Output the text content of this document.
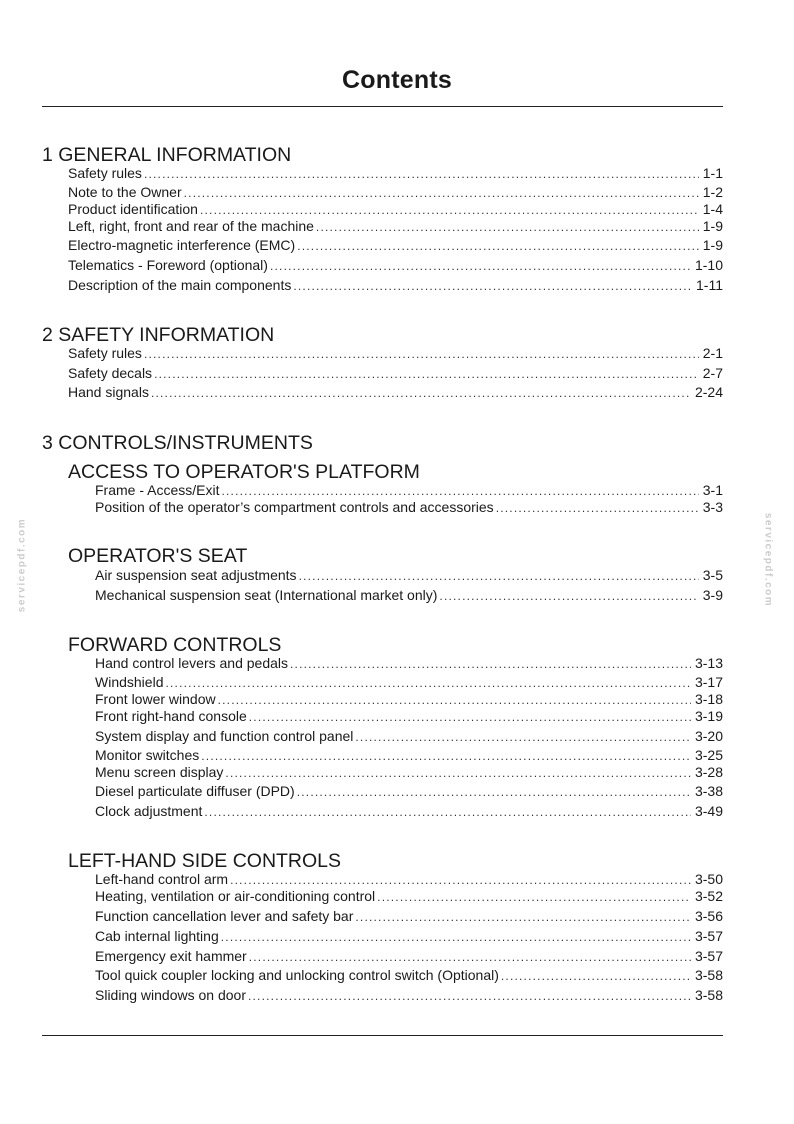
Contents
1 GENERAL INFORMATION
Safety rules .....	1-1
Note to the Owner .....	1-2
Product identification .....	1-4
Left, right, front and rear of the machine .....	1-9
Electro-magnetic interference (EMC) .....	1-9
Telematics - Foreword (optional) .....	1-10
Description of the main components .....	1-11
2 SAFETY INFORMATION
Safety rules .....	2-1
Safety decals .....	2-7
Hand signals .....	2-24
3 CONTROLS/INSTRUMENTS
ACCESS TO OPERATOR'S PLATFORM
Frame - Access/Exit .....	3-1
Position of the operator’s compartment controls and accessories .....	3-3
OPERATOR'S SEAT
Air suspension seat adjustments .....	3-5
Mechanical suspension seat (International market only) .....	3-9
FORWARD CONTROLS
Hand control levers and pedals .....	3-13
Windshield .....	3-17
Front lower window .....	3-18
Front right-hand console .....	3-19
System display and function control panel .....	3-20
Monitor switches .....	3-25
Menu screen display .....	3-28
Diesel particulate diffuser (DPD) .....	3-38
Clock adjustment .....	3-49
LEFT-HAND SIDE CONTROLS
Left-hand control arm .....	3-50
Heating, ventilation or air-conditioning control .....	3-52
Function cancellation lever and safety bar .....	3-56
Cab internal lighting .....	3-57
Emergency exit hammer .....	3-57
Tool quick coupler locking and unlocking control switch (Optional) .....	3-58
Sliding windows on door .....	3-58
servicepdf.com	servicepdf.com
